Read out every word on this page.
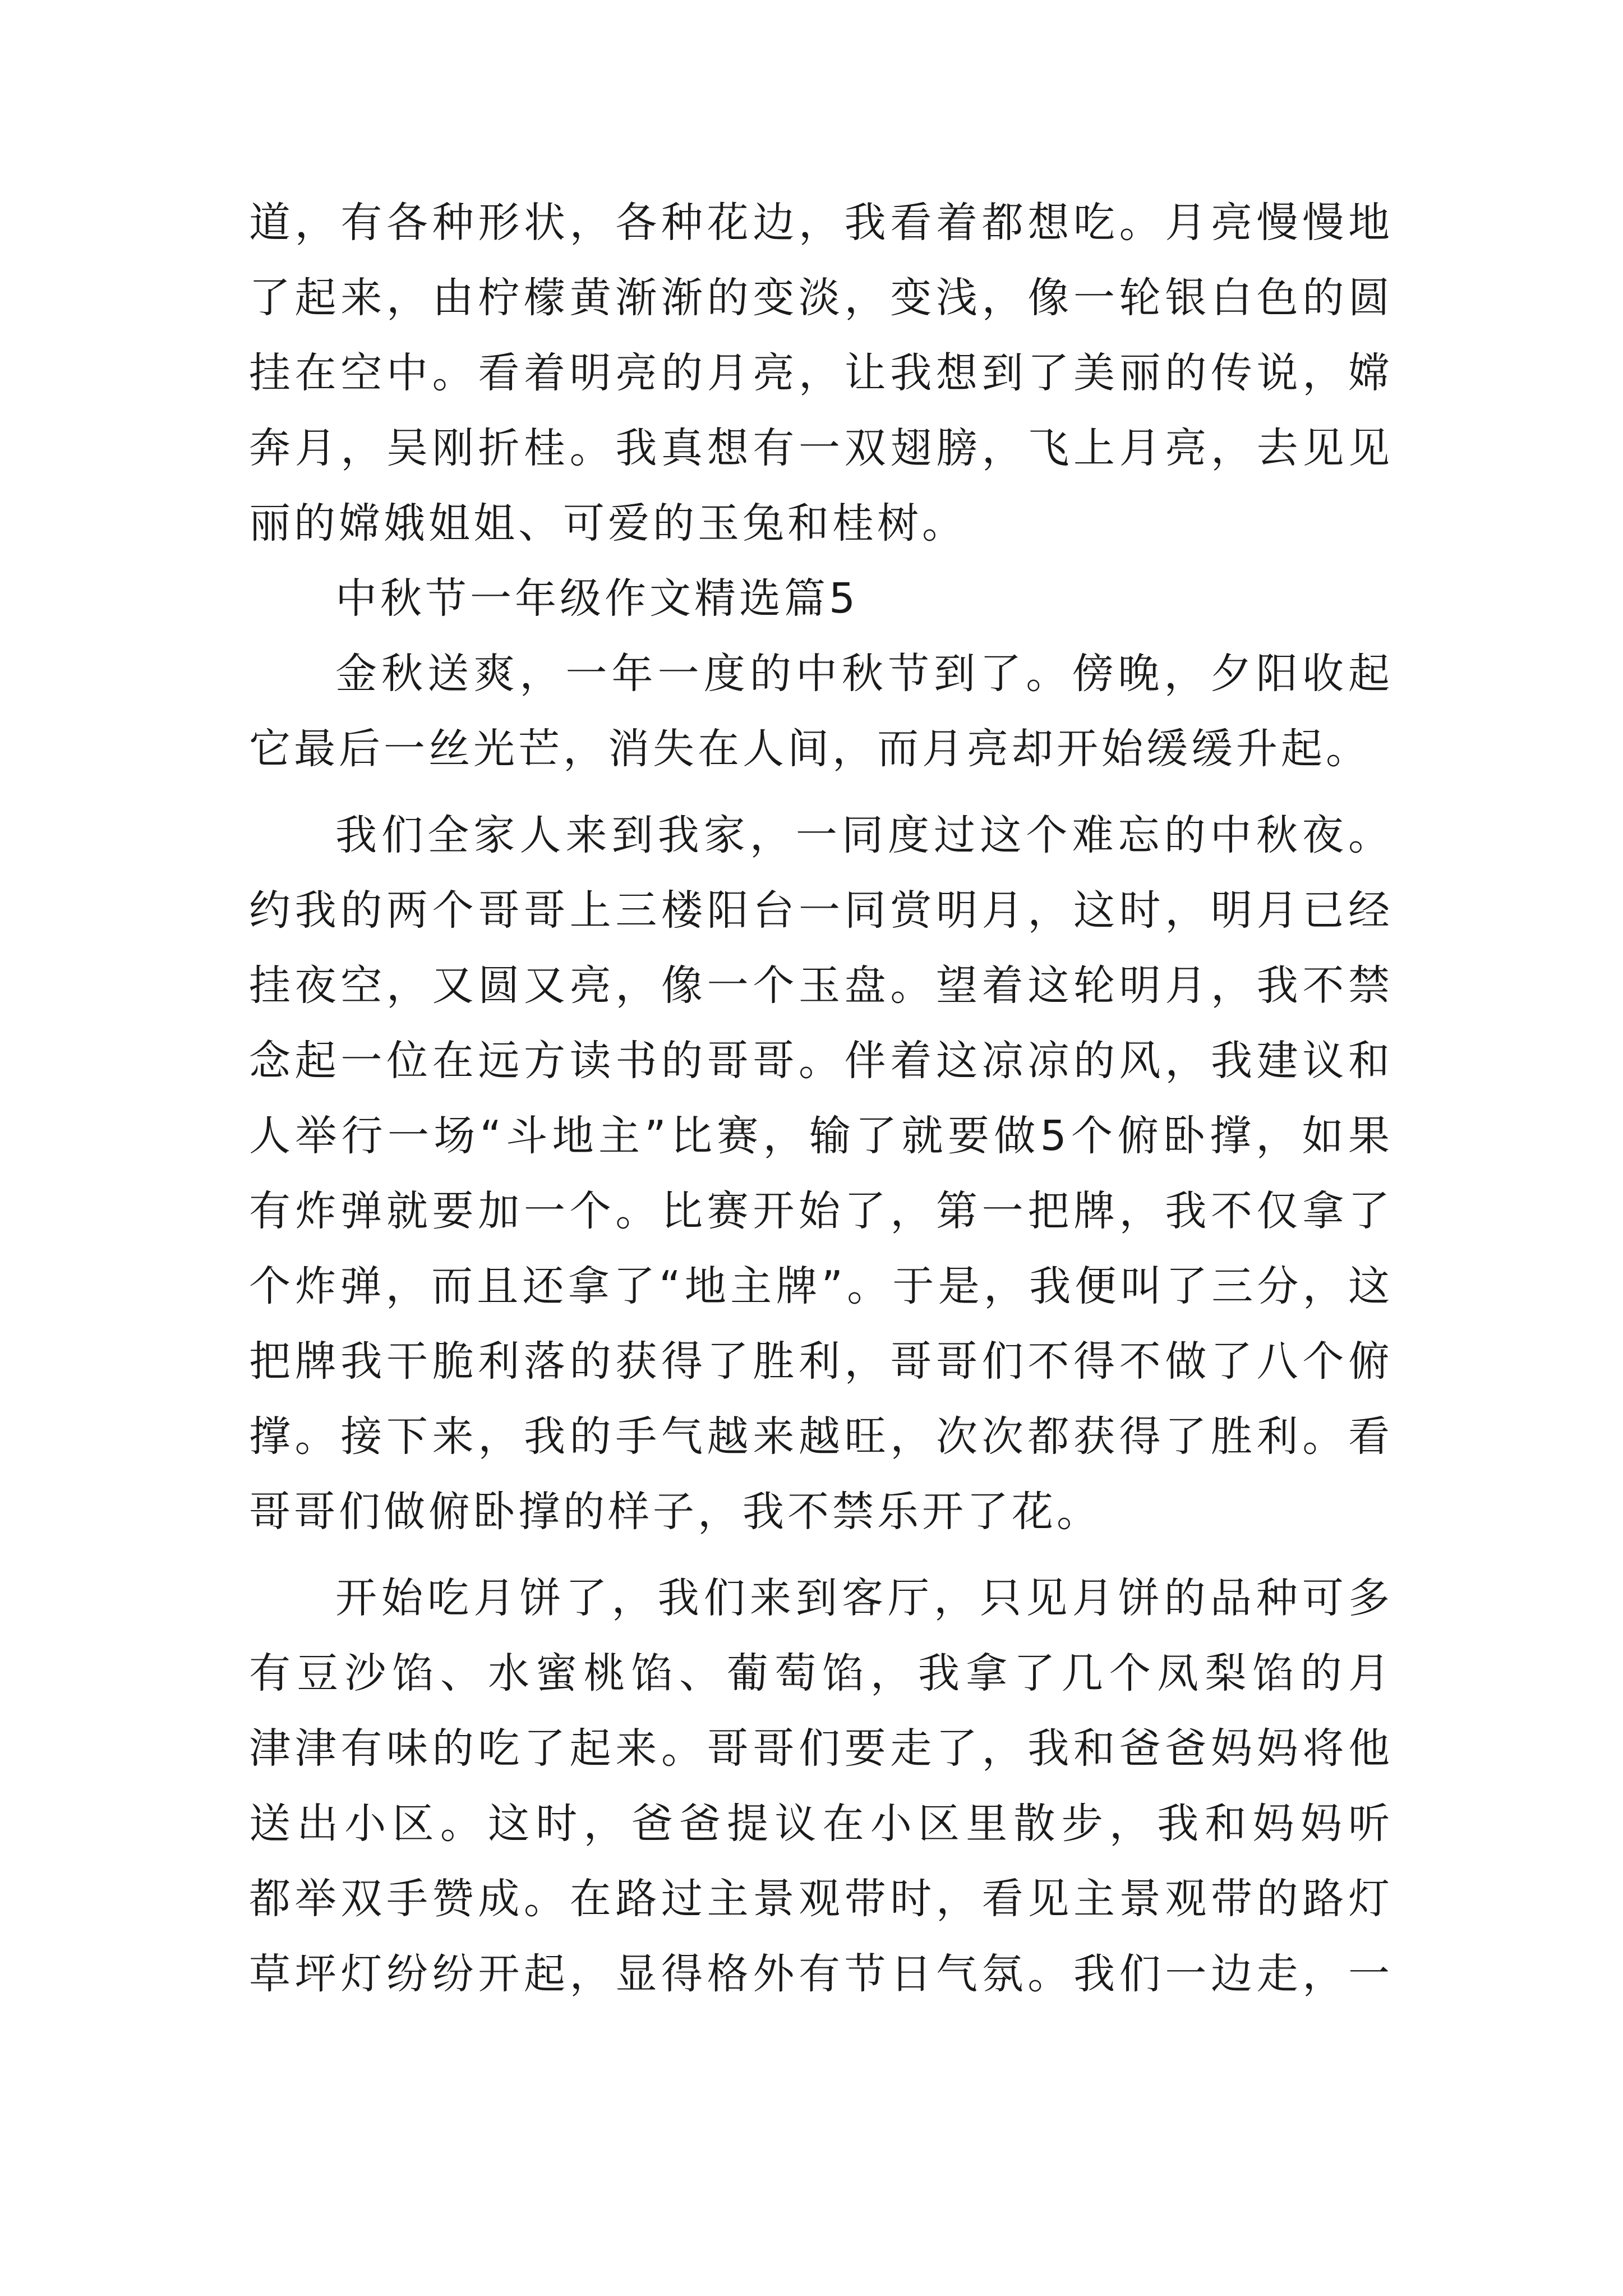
道，有各种形状，各种花边，我看着都想吃。月亮慢慢地
了起来，由柠檬黄渐渐的变淡，变浅，像一轮银白色的圆
挂在空中。看着明亮的月亮，让我想到了美丽的传说，嫦
奔月，吴刚折桂。我真想有一双翅膀，飞上月亮，去见见
丽的嫦娥姐姐、可爱的玉兔和桂树。
中秋节一年级作文精选篇5
金秋送爽，一年一度的中秋节到了。傍晚，夕阳收起
它最后一丝光芒，消失在人间，而月亮却开始缓缓升起。
我们全家人来到我家，一同度过这个难忘的中秋夜。
约我的两个哥哥上三楼阳台一同赏明月，这时，明月已经
挂夜空，又圆又亮，像一个玉盘。望着这轮明月，我不禁
念起一位在远方读书的哥哥。伴着这凉凉的风，我建议和
人举行一场“斗地主”比赛，输了就要做5个俯卧撑，如果
有炸弹就要加一个。比赛开始了，第一把牌，我不仅拿了
个炸弹，而且还拿了“地主牌”。于是，我便叫了三分，这
把牌我干脆利落的获得了胜利，哥哥们不得不做了八个俯
撑。接下来，我的手气越来越旺，次次都获得了胜利。看
哥哥们做俯卧撑的样子，我不禁乐开了花。
开始吃月饼了，我们来到客厅，只见月饼的品种可多
有豆沙馅、水蜜桃馅、葡萄馅，我拿了几个凤梨馅的月
津津有味的吃了起来。哥哥们要走了，我和爸爸妈妈将他
送出小区。这时，爸爸提议在小区里散步，我和妈妈听
都举双手赞成。在路过主景观带时，看见主景观带的路灯
草坪灯纷纷开起，显得格外有节日气氛。我们一边走，一
